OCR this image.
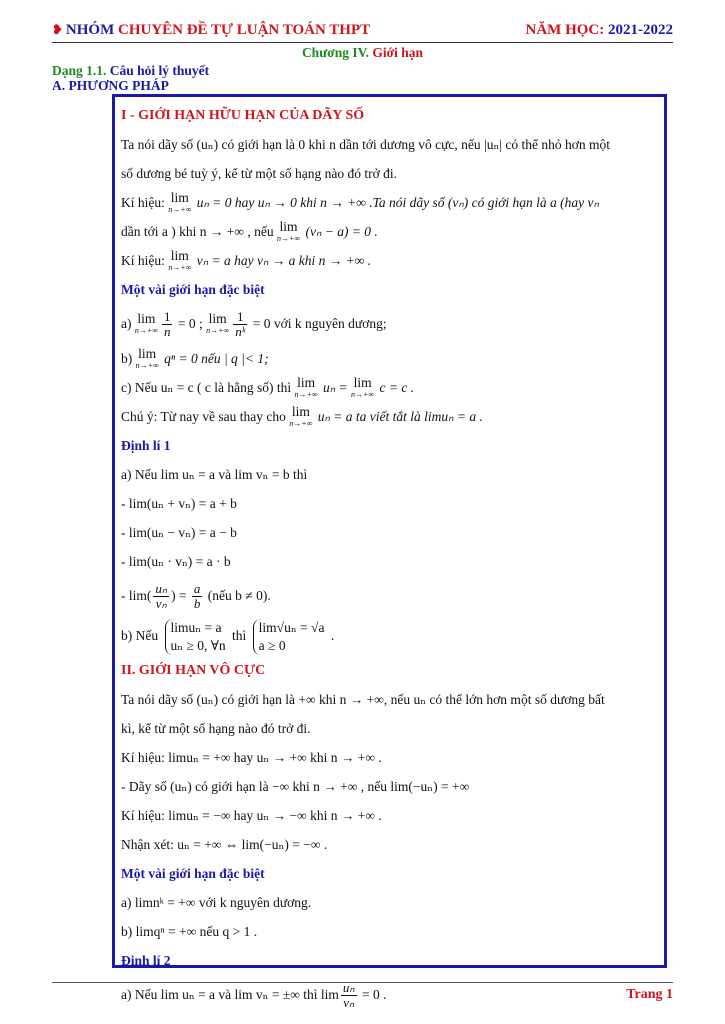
❥ NHÓM CHUYÊN ĐỀ TỰ LUẬN TOÁN THPT	NĂM HỌC: 2021-2022
Chương IV. Giới hạn
Dạng 1.1. Câu hỏi lý thuyết
A. PHƯƠNG PHÁP
I - GIỚI HẠN HỮU HẠN CỦA DÃY SỐ
Ta nói dãy số (uₙ) có giới hạn là 0 khi n dần tới dương vô cực, nếu |uₙ| có thể nhỏ hơn một
số dương bé tuỳ ý, kể từ một số hạng nào đó trở đi.
Kí hiệu: lim
n→+∞ uₙ = 0 hay uₙ → 0 khi n → +∞ .Ta nói dãy số (vₙ) có giới hạn là a (hay vₙ
dần tới a ) khi n → +∞ , nếu lim
n→+∞ (vₙ − a) = 0 .
Kí hiệu: lim
n→+∞ vₙ = a hay vₙ → a khi n → +∞ .
Một vài giới hạn đặc biệt
a) lim
$n\to+\infty \frac{1}{n} = 0$ ; lim
$n\to+\infty \frac{1}{\text{nᵏ}} = 0$ với k nguyên dương;
b) lim
n→+∞ qⁿ = 0 nếu | q |< 1;
c) Nếu uₙ = c ( c là hằng số) thì lim
n→+∞ uₙ = lim
n→+∞ c = c .
Chú ý: Từ nay về sau thay cho lim
n→+∞ uₙ = a ta viết tắt là limuₙ = a .
Định lí 1
a) Nếu lim uₙ = a và lim vₙ = b thì
- lim(uₙ + vₙ) = a + b
- lim(uₙ − vₙ) = a − b
- lim(uₙ · vₙ) = a · b
- $\lim( \frac{\text{uₙ}}{\text{vₙ}}$ ) = $\frac{a}{b}$ (nếu b ≠ 0).
b) Nếu
limuₙ = a
uₙ ≥ 0, ∀n
thì
lim√uₙ = √a
a ≥ 0
.
II. GIỚI HẠN VÔ CỰC
Ta nói dãy số (uₙ) có giới hạn là +∞ khi n → +∞, nếu uₙ có thể lớn hơn một số dương bất
kì, kể từ một số hạng nào đó trở đi.
Kí hiệu: limuₙ = +∞ hay uₙ → +∞ khi n → +∞ .
- Dãy số (uₙ) có giới hạn là −∞ khi n → +∞ , nếu lim(−uₙ) = +∞
Kí hiệu: limuₙ = −∞ hay uₙ → −∞ khi n → +∞ .
Nhận xét: uₙ = +∞ ⇔ lim(−uₙ) = −∞ .
Một vài giới hạn đặc biệt
a) limnᵏ = +∞ với k nguyên dương.
b) limqⁿ = +∞ nếu q > 1 .
Định lí 2
a) Nếu lim uₙ = a và lim vₙ = ±∞ thì $\lim \frac{\text{uₙ}}{\text{vₙ}} = 0$ .	Trang 1
